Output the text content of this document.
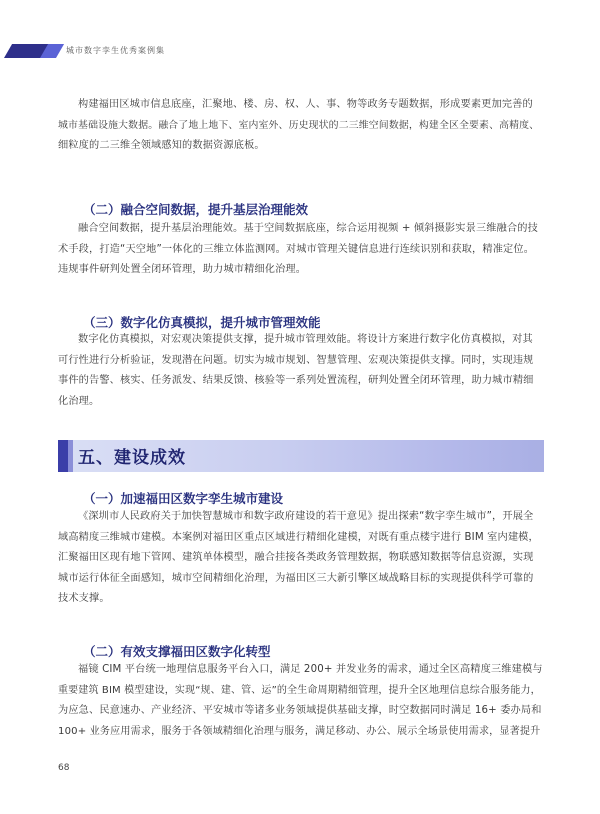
城市数字孪生优秀案例集
构建福田区城市信息底座，汇聚地、楼、房、权、人、事、物等政务专题数据，形成要素更加完善的
城市基础设施大数据。融合了地上地下、室内室外、历史现状的二三维空间数据，构建全区全要素、高精度、
细粒度的二三维全领域感知的数据资源底板。
（二）融合空间数据，提升基层治理能效
融合空间数据，提升基层治理能效。基于空间数据底座，综合运用视频 + 倾斜摄影实景三维融合的技
术手段，打造“天空地”一体化的三维立体监测网。对城市管理关键信息进行连续识别和获取，精准定位。
违规事件研判处置全闭环管理，助力城市精细化治理。
（三）数字化仿真模拟，提升城市管理效能
数字化仿真模拟，对宏观决策提供支撑，提升城市管理效能。将设计方案进行数字化仿真模拟，对其
可行性进行分析验证，发现潜在问题。切实为城市规划、智慧管理、宏观决策提供支撑。同时，实现违规
事件的告警、核实、任务派发、结果反馈、核验等一系列处置流程，研判处置全闭环管理，助力城市精细
化治理。
五、建设成效
（一）加速福田区数字孪生城市建设
《深圳市人民政府关于加快智慧城市和数字政府建设的若干意见》提出探索“数字孪生城市”，开展全
域高精度三维城市建模。本案例对福田区重点区域进行精细化建模，对既有重点楼宇进行 BIM 室内建模，
汇聚福田区现有地下管网、建筑单体模型，融合挂接各类政务管理数据，物联感知数据等信息资源，实现
城市运行体征全面感知，城市空间精细化治理，为福田区三大新引擎区域战略目标的实现提供科学可靠的
技术支撑。
（二）有效支撑福田区数字化转型
福镜 CIM 平台统一地理信息服务平台入口，满足 200+ 并发业务的需求，通过全区高精度三维建模与
重要建筑 BIM 模型建设，实现“规、建、管、运”的全生命周期精细管理，提升全区地理信息综合服务能力，
为应急、民意速办、产业经济、平安城市等诸多业务领域提供基础支撑，时空数据同时满足 16+ 委办局和
100+ 业务应用需求，服务于各领域精细化治理与服务，满足移动、办公、展示全场景使用需求，显著提升
68
